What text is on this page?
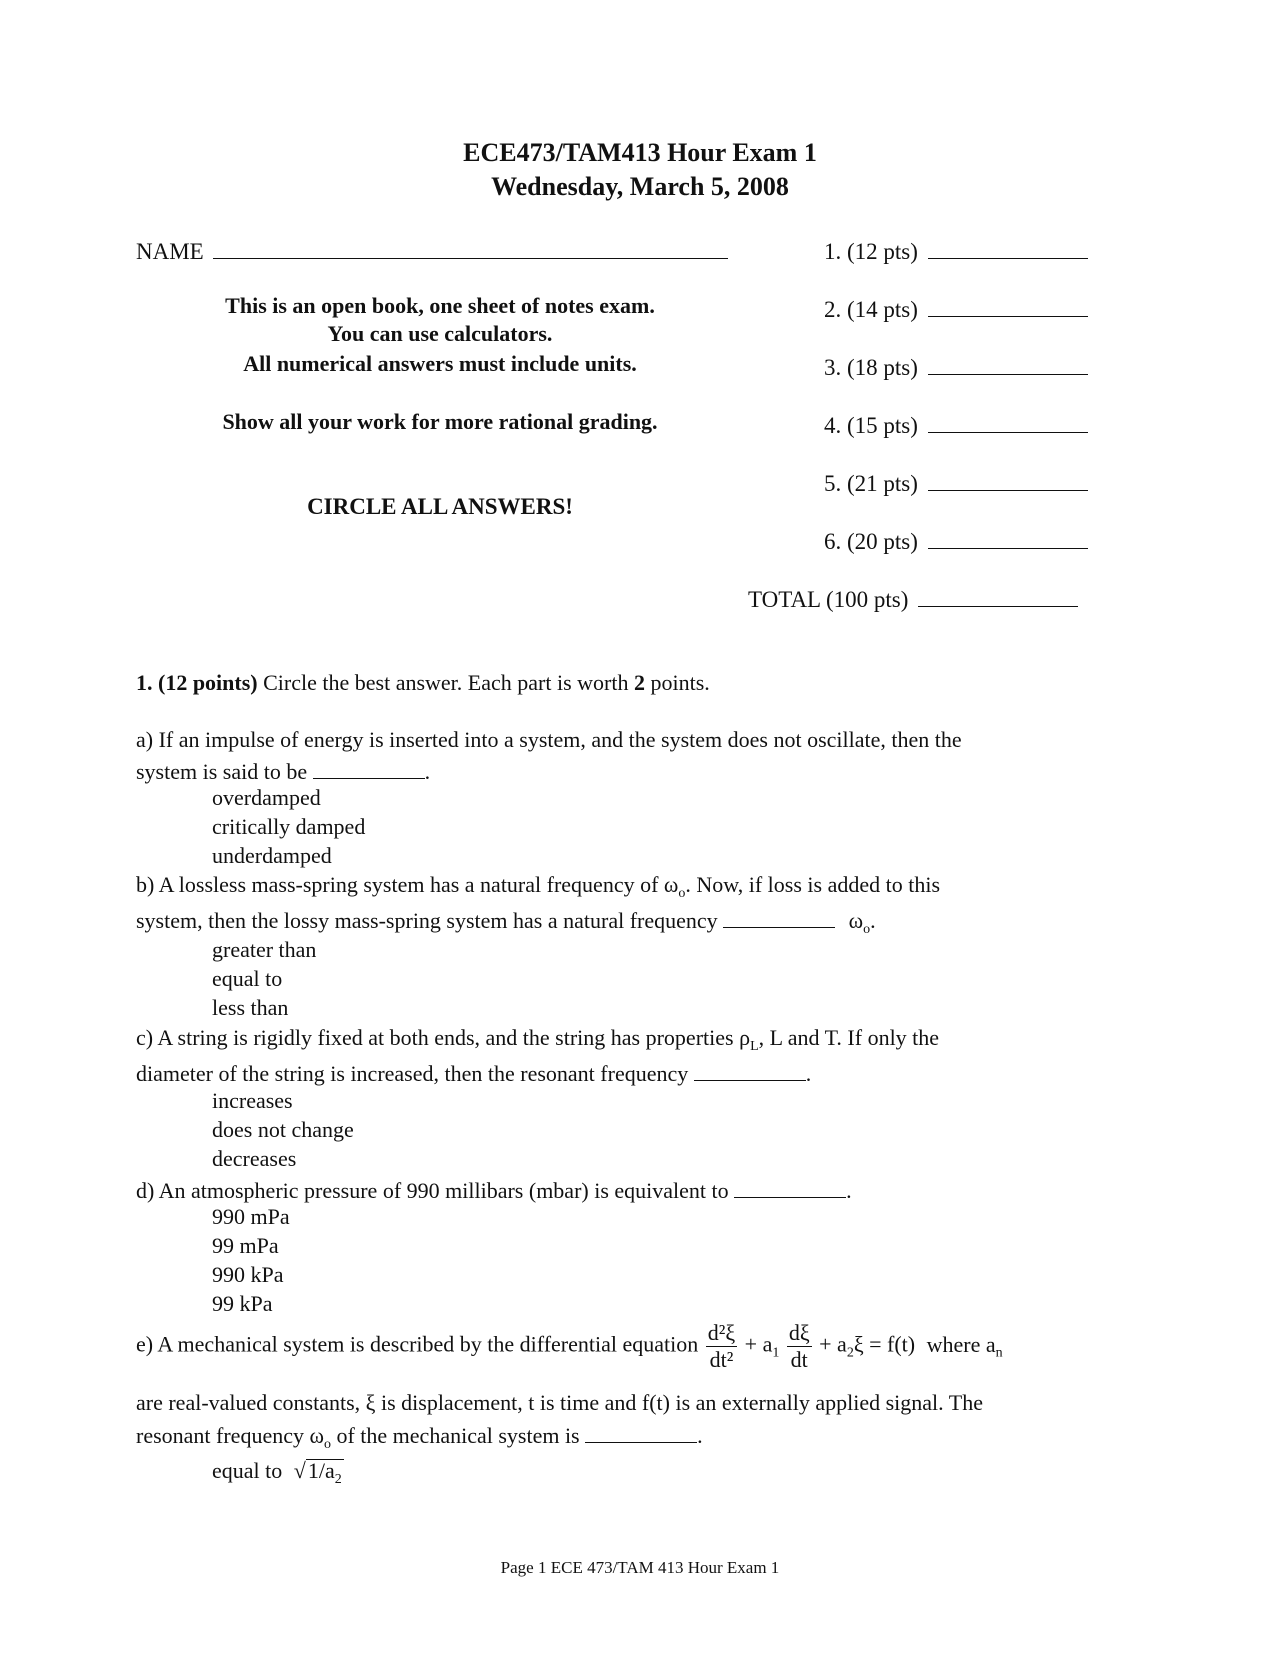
ECE473/TAM413 Hour Exam 1
Wednesday, March 5, 2008
NAME
This is an open book, one sheet of notes exam.
You can use calculators.
All numerical answers must include units.
Show all your work for more rational grading.
CIRCLE ALL ANSWERS!
1. (12 pts)
2. (14 pts)
3. (18 pts)
4. (15 pts)
5. (21 pts)
6. (20 pts)
TOTAL (100 pts)
1. (12 points) Circle the best answer. Each part is worth 2 points.
a) If an impulse of energy is inserted into a system, and the system does not oscillate, then the
system is said to be	.
overdamped
critically damped
underdamped
b) A lossless mass-spring system has a natural frequency of $\omega_o$. Now, if loss is added to this
system, then the lossy mass-spring system has a natural frequency	$\omega_o$.
greater than
equal to
less than
c) A string is rigidly fixed at both ends, and the string has properties $\rho_L$, L and T. If only the
diameter of the string is increased, then the resonant frequency	.
increases
does not change
decreases
d) An atmospheric pressure of 990 millibars (mbar) is equivalent to	.
990 mPa
99 mPa
990 kPa
99 kPa
e) A mechanical system is described by the differential equation $\frac{\text{d²ξ}}{\text{dt²}} + a_1 \frac{d\xi}{dt} + a_2\xi = f(t)$ where $a_n$
are real-valued constants, ξ is displacement, t is time and f(t) is an externally applied signal. The
resonant frequency $\omega_o$ of the mechanical system is	.
equal to $√1/a_2$
Page 1 ECE 473/TAM 413 Hour Exam 1
